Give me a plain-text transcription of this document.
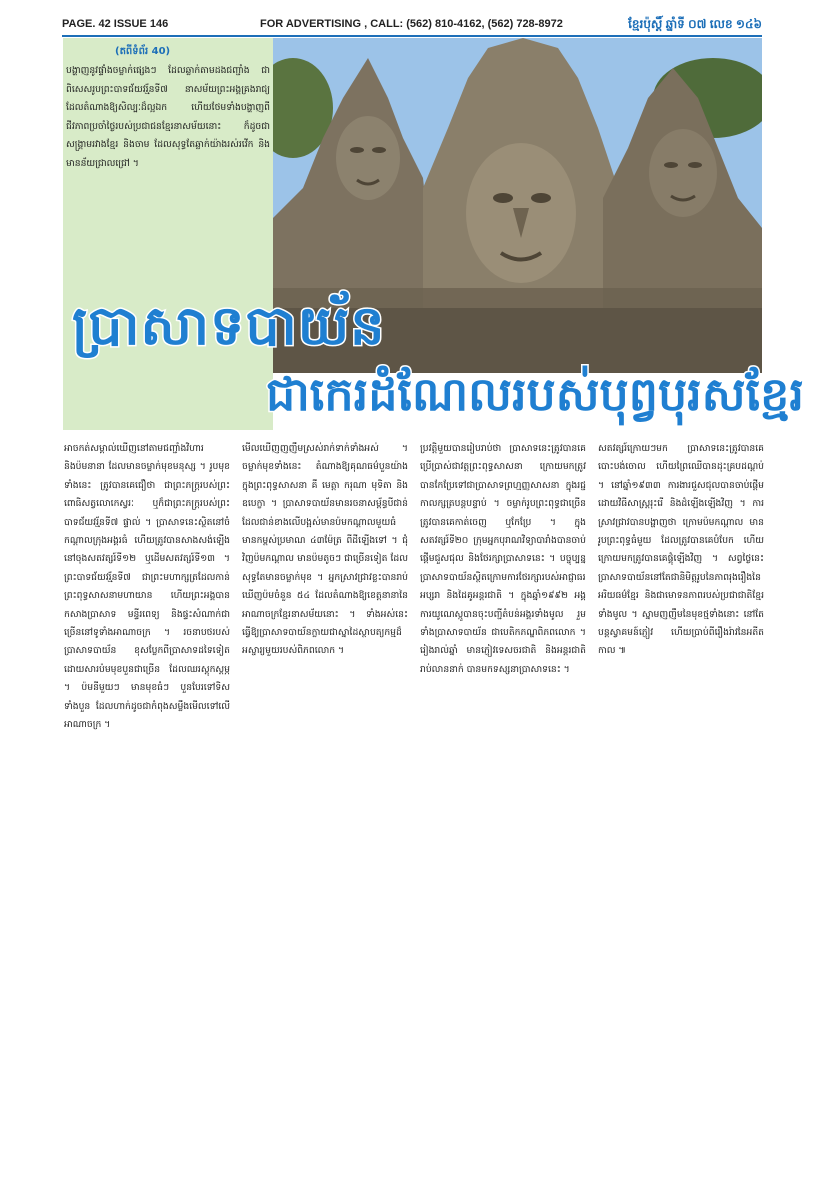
PAGE. 42 ISSUE 146	FOR ADVERTISING , CALL: (562) 810-4162, (562) 728-8972	ខ្មែរប៉ុស្តិ៍ ឆ្នាំទី ០៧ លេខ ១៤៦
(តពីទំព័រ 40)
បង្ហាញនូវផ្ទាំងចម្លាក់ផ្សេងៗ ដែលឆ្លាក់តាមដងជញ្ជាំង ជាពិសេសរូបព្រះបាទជ័យវរ្ម័នទី៧ នាសម័យព្រះអង្គគ្រងរាជ្យ ដែលតំណាងឱ្យសិល្បៈដ៏ល្អឯក ហើយថែមទាំងបង្ហាញពីជីវភាពប្រចាំថ្ងៃរបស់ប្រជាជនខ្មែរនាសម័យនោះ ក៏ដូចជាសង្គ្រាមរវាងខ្មែរ និងចាម ដែលសុទ្ធតែឆ្លាក់យ៉ាងរស់រវើក និងមានន័យជ្រាលជ្រៅ ។
ប្រាសាទបាយ័ន
ជាកេរដំណែលរបស់បុព្វបុរសខ្មែរ

អាចកត់សម្គាល់ឃើញនៅតាមជញ្ជាំងវិហារ និងប៉មនានា ដែលមានចម្លាក់មុខមនុស្ស ។ រូបមុខទាំងនេះ ត្រូវបានគេជឿថា ជាព្រះភក្ត្ររបស់ព្រះពោធិសត្វលោកេស្វរៈ ឬក៏ជាព្រះភក្ត្ររបស់ព្រះបាទជ័យវរ្ម័នទី៧ ផ្ទាល់ ។ ប្រាសាទនេះស្ថិតនៅចំកណ្ដាលក្រុងអង្គរធំ ហើយត្រូវបានសាងសង់ឡើងនៅចុងសតវត្សរ៍ទី១២ ឬដើមសតវត្សរ៍ទី១៣ ។ ព្រះបាទជ័យវរ្ម័នទី៧ ជាព្រះមហាក្សត្រដែលកាន់ព្រះពុទ្ធសាសនាមហាយាន ហើយព្រះអង្គបានកសាងប្រាសាទ មន្ទីរពេទ្យ និងផ្ទះសំណាក់ជាច្រើននៅទូទាំងអាណាចក្រ ។ រចនាបថរបស់ប្រាសាទបាយ័ន ខុសប្លែកពីប្រាសាទដទៃទៀត ដោយសារប៉មមុខបួនជាច្រើន ដែលឈរស្ដុកស្ដម្ភ ។ ប៉មនីមួយៗ មានមុខធំៗ បួនបែរទៅទិសទាំងបួន ដែលហាក់ដូចជាកំពុងសម្លឹងមើលទៅលើអាណាចក្រ ។

មើលឃើញញញឹមស្រស់រាក់ទាក់ទាំងអស់ ។ ចម្លាក់មុខទាំងនេះ តំណាងឱ្យគុណធម៌បួនយ៉ាងក្នុងព្រះពុទ្ធសាសនា គឺ មេត្តា ករុណា មុទិតា និងឧបេក្ខា ។ ប្រាសាទបាយ័នមានរចនាសម្ព័ន្ធបីជាន់ ដែលជាន់ខាងលើបង្អស់មានប៉មកណ្ដាលមួយធំ មានកម្ពស់ប្រមាណ ៤៣ម៉ែត្រ ពីដីឡើងទៅ ។ ជុំវិញប៉មកណ្ដាល មានប៉មតូចៗ ជាច្រើនទៀត ដែលសុទ្ធតែមានចម្លាក់មុខ ។ អ្នកស្រាវជ្រាវខ្លះបានរាប់ឃើញប៉មចំនួន ៥៤ ដែលតំណាងឱ្យខេត្តនានានៃអាណាចក្រខ្មែរនាសម័យនោះ ។ ទាំងអស់នេះ ធ្វើឱ្យប្រាសាទបាយ័នក្លាយជាស្នាដៃស្ថាបត្យកម្មដ៏អស្ចារ្យមួយរបស់ពិភពលោក ។

ប្រវត្តិមួយបានរៀបរាប់ថា ប្រាសាទនេះត្រូវបានគេប្រើប្រាស់ជាវត្តព្រះពុទ្ធសាសនា ក្រោយមកត្រូវបានកែប្រែទៅជាប្រាសាទព្រហ្មញ្ញសាសនា ក្នុងរជ្ជកាលក្សត្របន្តបន្ទាប់ ។ ចម្លាក់រូបព្រះពុទ្ធជាច្រើនត្រូវបានគេកាត់ចេញ ឬកែប្រែ ។ ក្នុងសតវត្សរ៍ទី២០ ក្រុមអ្នកបុរាណវិទ្យាបារាំងបានចាប់ផ្ដើមជួសជុល និងថែរក្សាប្រាសាទនេះ ។ បច្ចុប្បន្ន ប្រាសាទបាយ័នស្ថិតក្រោមការថែរក្សារបស់អាជ្ញាធរអប្សរា និងដៃគូអន្តរជាតិ ។ ក្នុងឆ្នាំ១៩៩២ អង្គការយូណេស្កូបានចុះបញ្ជីតំបន់អង្គរទាំងមូល រួមទាំងប្រាសាទបាយ័ន ជាបេតិកភណ្ឌពិភពលោក ។ រៀងរាល់ឆ្នាំ មានភ្ញៀវទេសចរជាតិ និងអន្តរជាតិរាប់លាននាក់ បានមកទស្សនាប្រាសាទនេះ ។

សតវត្សរ៍ក្រោយៗមក ប្រាសាទនេះត្រូវបានគេបោះបង់ចោល ហើយព្រៃឈើបានដុះគ្របដណ្ដប់ ។ នៅឆ្នាំ១៩៣៣ ការងារជួសជុលបានចាប់ផ្ដើម ដោយវិធីសាស្ត្ររុះរើ និងដំឡើងឡើងវិញ ។ ការស្រាវជ្រាវបានបង្ហាញថា ក្រោមប៉មកណ្ដាល មានរូបព្រះពុទ្ធធំមួយ ដែលត្រូវបានគេបំបែក ហើយក្រោយមកត្រូវបានគេផ្គុំឡើងវិញ ។ សព្វថ្ងៃនេះ ប្រាសាទបាយ័ននៅតែជានិមិត្តរូបនៃភាពរុងរឿងនៃអរិយធម៌ខ្មែរ និងជាមោទនភាពរបស់ប្រជាជាតិខ្មែរទាំងមូល ។ ស្នាមញញឹមនៃមុខថ្មទាំងនោះ នៅតែបន្តស្វាគមន៍ភ្ញៀវ ហើយប្រាប់ពីរឿងរ៉ាវនៃអតីតកាល ៕
